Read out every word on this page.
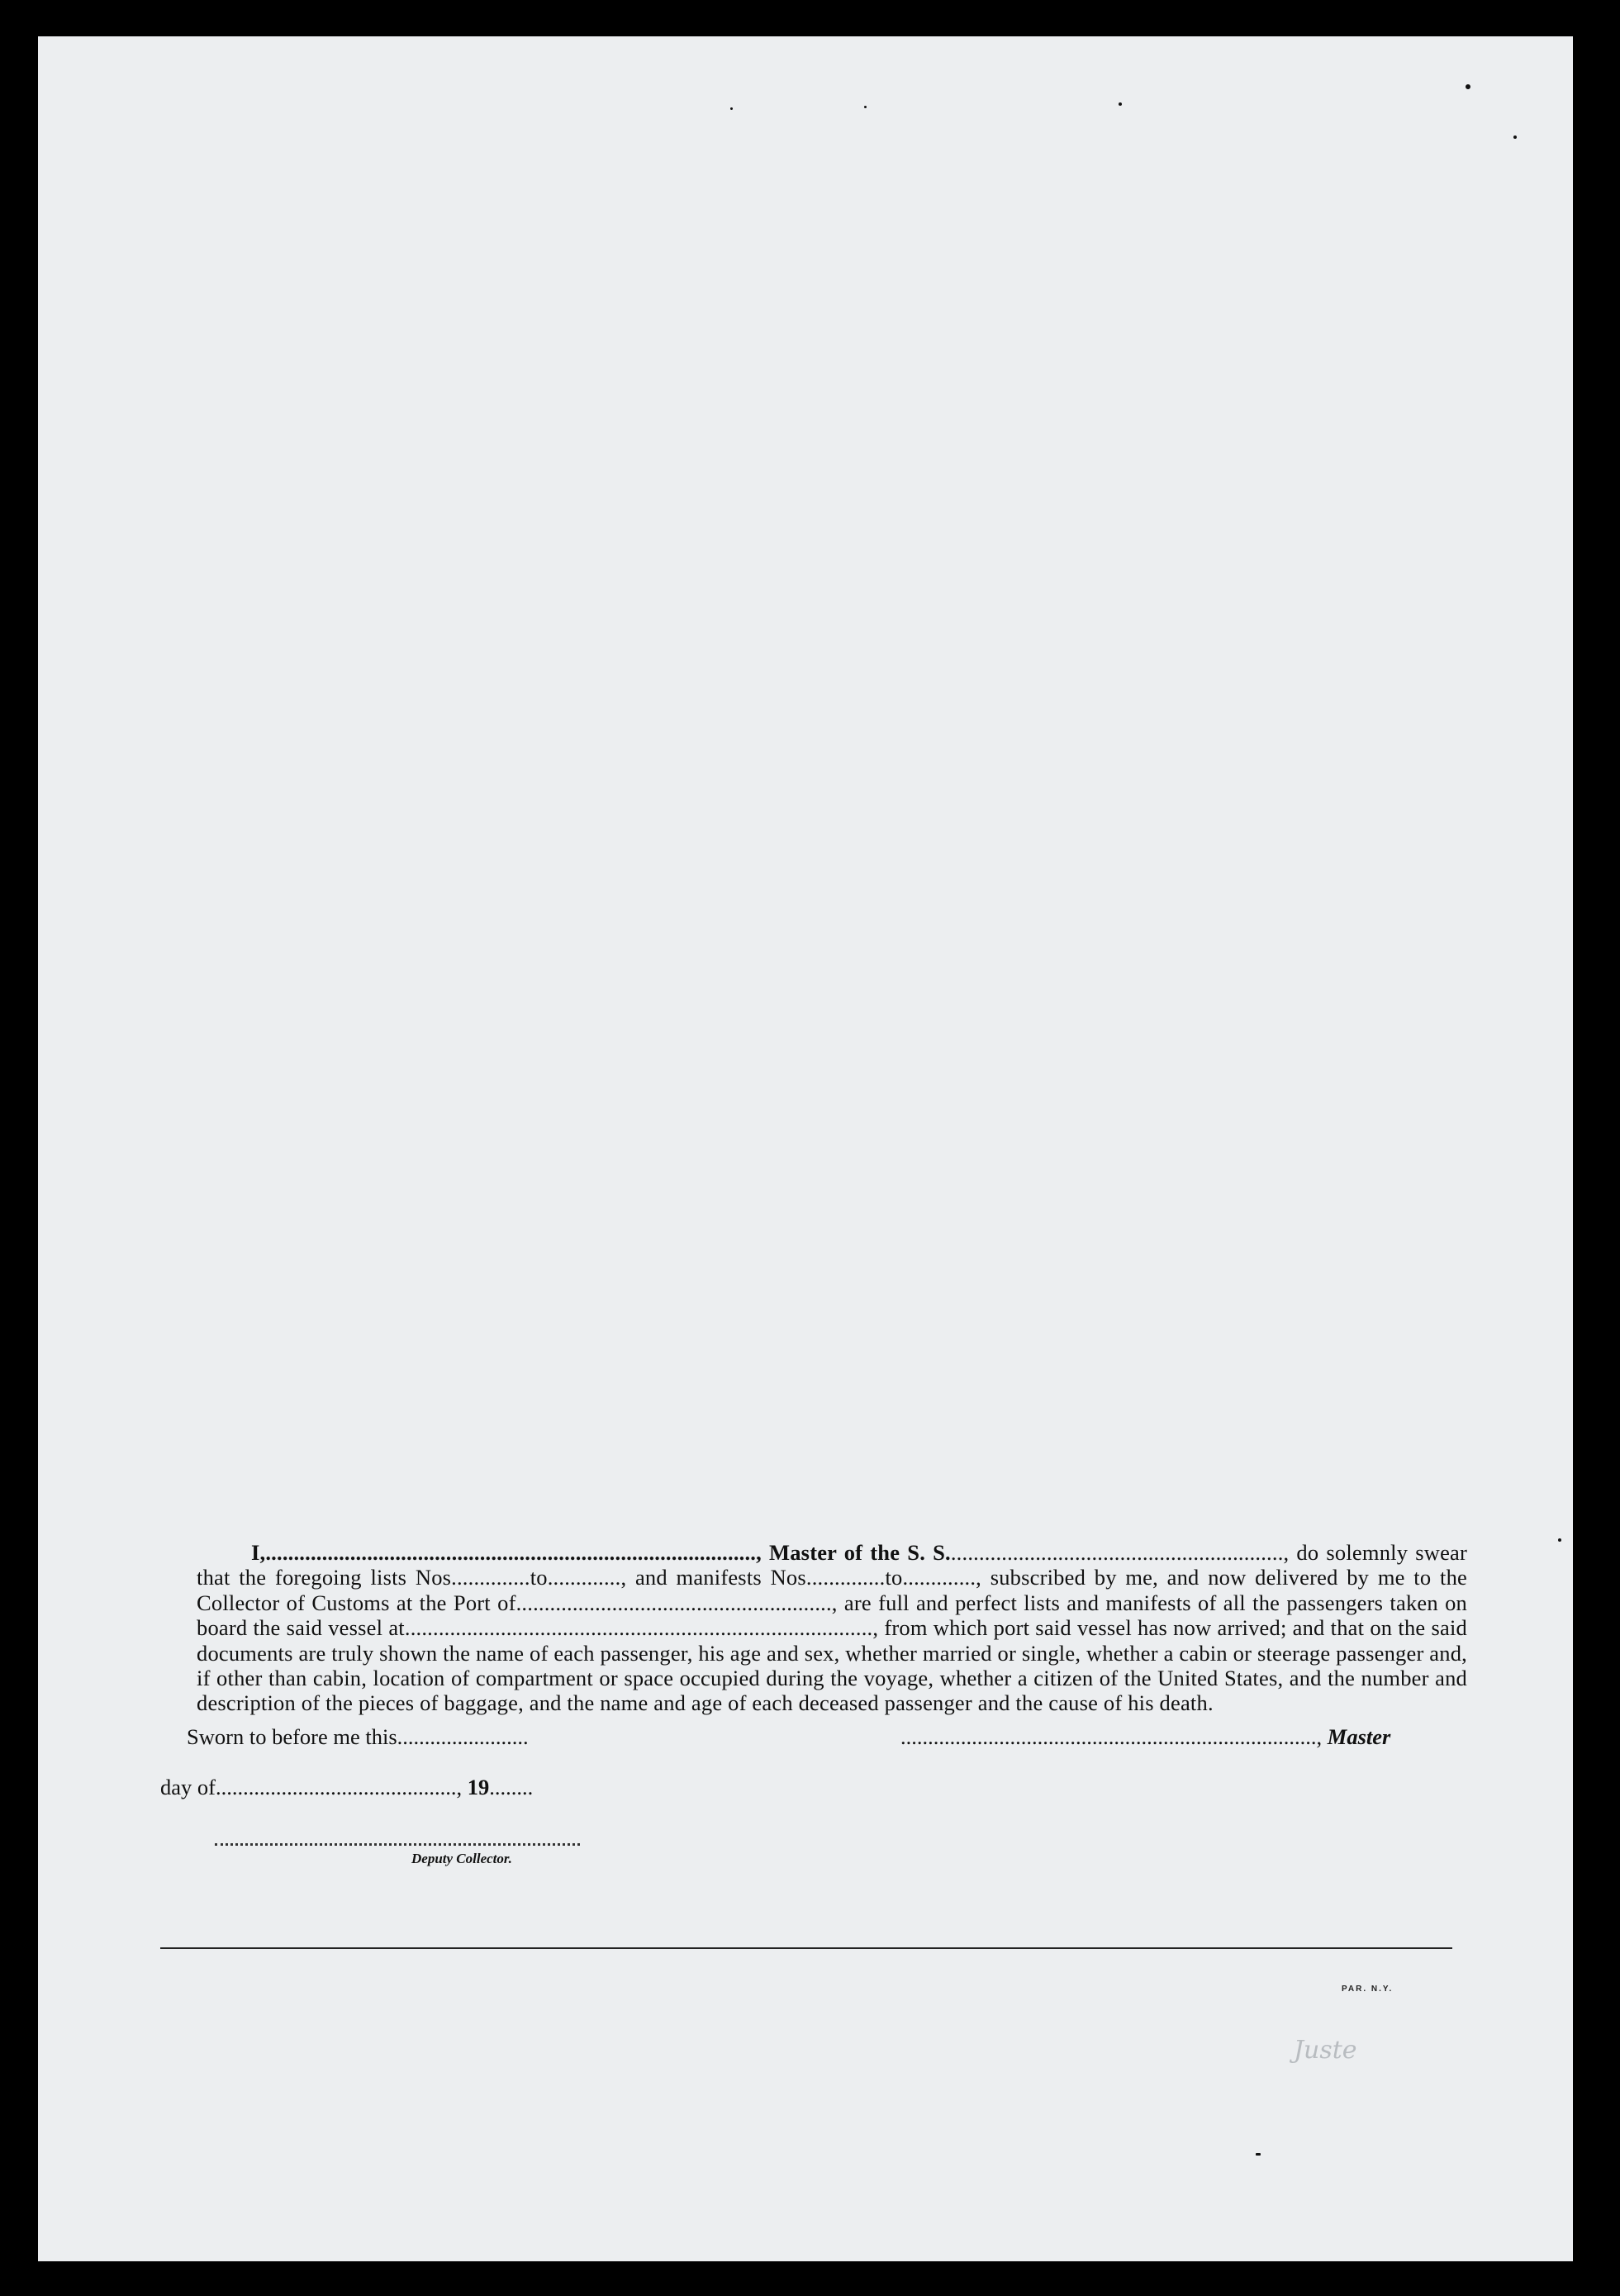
I,......................................................................................., Master of the S. S............................................................, do solemnly swear that the foregoing lists Nos..............to............., and manifests Nos..............to............., subscribed by me, and now delivered by me to the Collector of Customs at the Port of........................................................, are full and perfect lists and manifests of all the passengers taken on board the said vessel at..................................................................................., from which port said vessel has now arrived; and that on the said documents are truly shown the name of each passenger, his age and sex, whether married or single, whether a cabin or steerage passenger and, if other than cabin, location of compartment or space occupied during the voyage, whether a citizen of the United States, and the number and description of the pieces of baggage, and the name and age of each deceased passenger and the cause of his death.

Sworn to before me this........................	............................................................................, Master
day of............................................, 19........
Deputy Collector.
PAR. N.Y.
Juste
